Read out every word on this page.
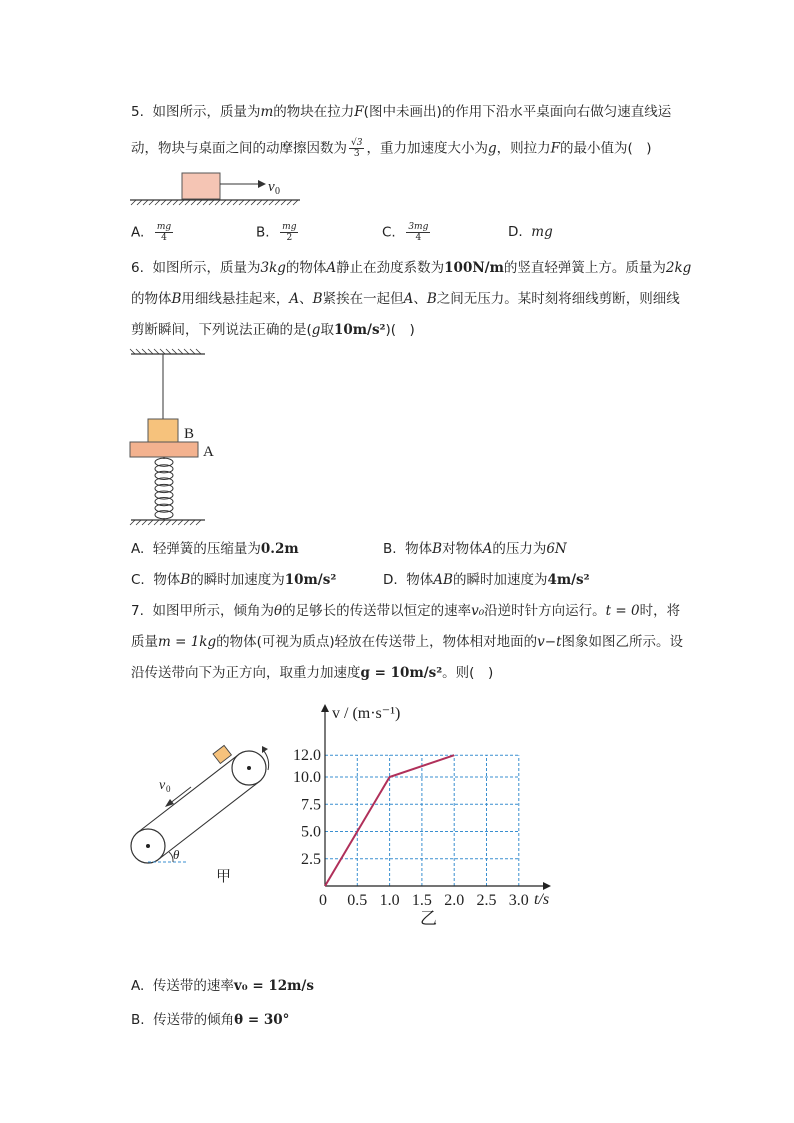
5. 如图所示，质量为m的物块在拉力F(图中未画出)的作用下沿水平桌面向右做匀速直线运
动，物块与桌面之间的动摩擦因数为 $\frac{√3}{3}$ ，重力加速度大小为g，则拉力F的最小值为(　)
v 0
A. $\frac{mg}{4}$	B. $\frac{mg}{2}$	C. $\frac{3mg}{4}$	D. mg
6. 如图所示，质量为3kg的物体A静止在劲度系数为100N/m的竖直轻弹簧上方。质量为2kg
的物体B用细线悬挂起来，A、B紧挨在一起但A、B之间无压力。某时刻将细线剪断，则细线
剪断瞬间，下列说法正确的是(g取10m/s²)(　)
B
A
A. 轻弹簧的压缩量为0.2m	B. 物体B对物体A的压力为6N
C. 物体B的瞬时加速度为10m/s²	D. 物体AB的瞬时加速度为4m/s²
7. 如图甲所示，倾角为θ的足够长的传送带以恒定的速率v₀沿逆时针方向运行。t = 0时，将
质量m = 1kg的物体(可视为质点)轻放在传送带上，物体相对地面的v−t图象如图乙所示。设
沿传送带向下为正方向，取重力加速度g = 10m/s²。则(　)
v 0
θ
甲
v / (m·s⁻¹)
t/s
0 0.5 1.0 1.5 2.0 2.5 3.0
2.5
5.0
7.5
10.0
12.0
乙
A. 传送带的速率v₀ = 12m/s
B. 传送带的倾角θ = 30°
